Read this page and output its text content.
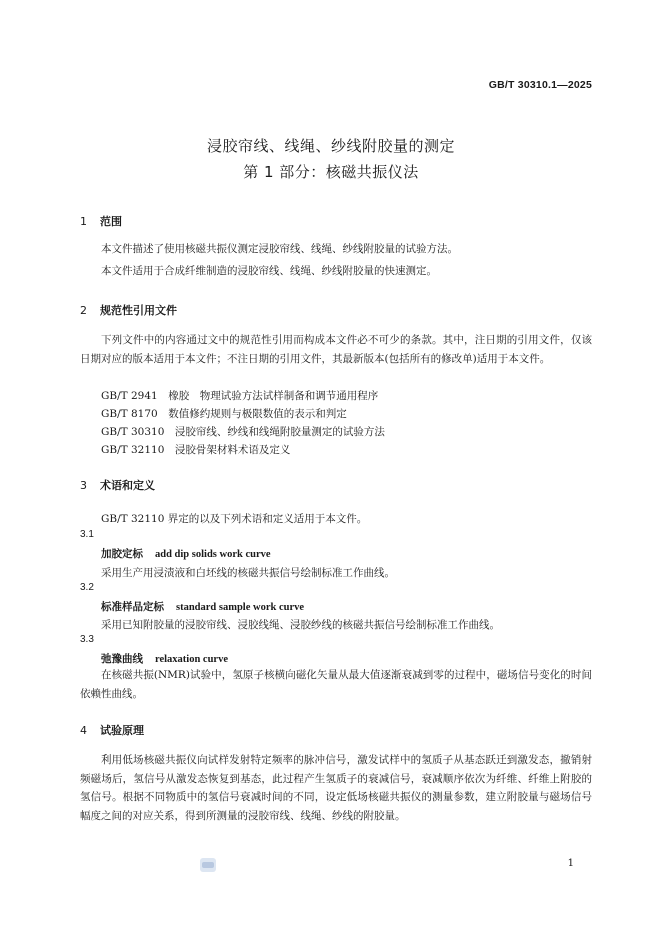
GB/T 30310.1—2025
浸胶帘线、线绳、纱线附胶量的测定
第 1 部分：核磁共振仪法
1 范围
本文件描述了使用核磁共振仪测定浸胶帘线、线绳、纱线附胶量的试验方法。
本文件适用于合成纤维制造的浸胶帘线、线绳、纱线附胶量的快速测定。
2 规范性引用文件
下列文件中的内容通过文中的规范性引用而构成本文件必不可少的条款。其中，注日期的引用文件，仅该日期对应的版本适用于本文件；不注日期的引用文件，其最新版本(包括所有的修改单)适用于本文件。
GB/T 2941　橡胶　物理试验方法试样制备和调节通用程序
GB/T 8170　数值修约规则与极限数值的表示和判定
GB/T 30310　浸胶帘线、纱线和线绳附胶量测定的试验方法
GB/T 32110　浸胶骨架材料术语及定义
3 术语和定义
GB/T 32110 界定的以及下列术语和定义适用于本文件。
3.1
加胶定标 add dip solids work curve
采用生产用浸渍液和白坯线的核磁共振信号绘制标准工作曲线。
3.2
标准样品定标 standard sample work curve
采用已知附胶量的浸胶帘线、浸胶线绳、浸胶纱线的核磁共振信号绘制标准工作曲线。
3.3
弛豫曲线 relaxation curve
在核磁共振(NMR)试验中，氢原子核横向磁化矢量从最大值逐渐衰减到零的过程中，磁场信号变化的时间依赖性曲线。
4 试验原理
利用低场核磁共振仪向试样发射特定频率的脉冲信号，激发试样中的氢质子从基态跃迁到激发态，撤销射频磁场后，氢信号从激发态恢复到基态，此过程产生氢质子的衰减信号，衰减顺序依次为纤维、纤维上附胶的氢信号。根据不同物质中的氢信号衰减时间的不同，设定低场核磁共振仪的测量参数，建立附胶量与磁场信号幅度之间的对应关系，得到所测量的浸胶帘线、线绳、纱线的附胶量。
1
